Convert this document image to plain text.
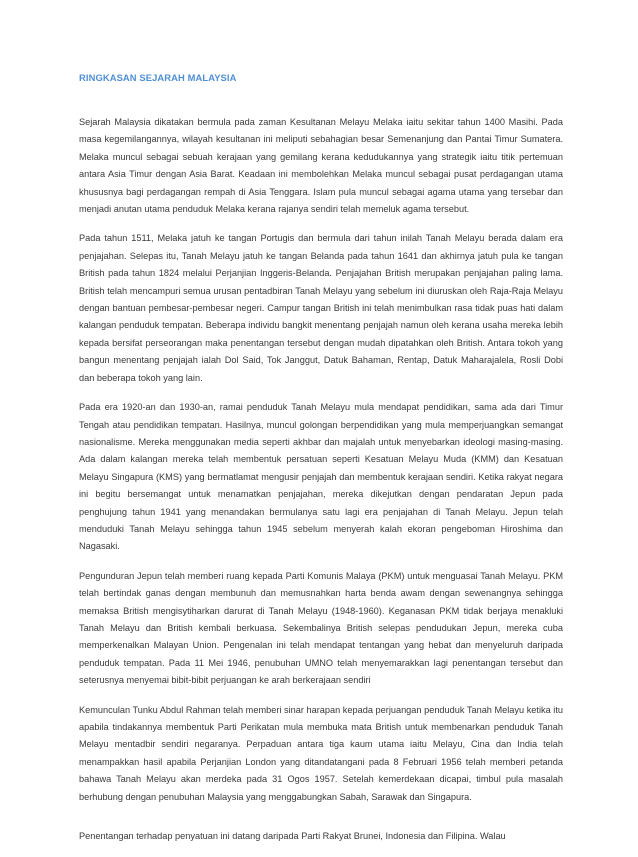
RINGKASAN SEJARAH MALAYSIA

Sejarah Malaysia dikatakan bermula pada zaman Kesultanan Melayu Melaka iaitu sekitar tahun 1400 Masihi. Pada masa kegemilangannya, wilayah kesultanan ini meliputi sebahagian besar Semenanjung dan Pantai Timur Sumatera. Melaka muncul sebagai sebuah kerajaan yang gemilang kerana kedudukannya yang strategik iaitu titik pertemuan antara Asia Timur dengan Asia Barat. Keadaan ini membolehkan Melaka muncul sebagai pusat perdagangan utama khususnya bagi perdagangan rempah di Asia Tenggara. Islam pula muncul sebagai agama utama yang tersebar dan menjadi anutan utama penduduk Melaka kerana rajanya sendiri telah memeluk agama tersebut.

Pada tahun 1511, Melaka jatuh ke tangan Portugis dan bermula dari tahun inilah Tanah Melayu berada dalam era penjajahan. Selepas itu, Tanah Melayu jatuh ke tangan Belanda pada tahun 1641 dan akhirnya jatuh pula ke tangan British pada tahun 1824 melalui Perjanjian Inggeris-Belanda. Penjajahan British merupakan penjajahan paling lama. British telah mencampuri semua urusan pentadbiran Tanah Melayu yang sebelum ini diuruskan oleh Raja-Raja Melayu dengan bantuan pembesar-pembesar negeri. Campur tangan British ini telah menimbulkan rasa tidak puas hati dalam kalangan penduduk tempatan. Beberapa individu bangkit menentang penjajah namun oleh kerana usaha mereka lebih kepada bersifat perseorangan maka penentangan tersebut dengan mudah dipatahkan oleh British. Antara tokoh yang bangun menentang penjajah ialah Dol Said, Tok Janggut, Datuk Bahaman, Rentap, Datuk Maharajalela, Rosli Dobi dan beberapa tokoh yang lain.

Pada era 1920-an dan 1930-an, ramai penduduk Tanah Melayu mula mendapat pendidikan, sama ada dari Timur Tengah atau pendidikan tempatan. Hasilnya, muncul golongan berpendidikan yang mula memperjuangkan semangat nasionalisme. Mereka menggunakan media seperti akhbar dan majalah untuk menyebarkan ideologi masing-masing. Ada dalam kalangan mereka telah membentuk persatuan seperti Kesatuan Melayu Muda (KMM) dan Kesatuan Melayu Singapura (KMS) yang bermatlamat mengusir penjajah dan membentuk kerajaan sendiri. Ketika rakyat negara ini begitu bersemangat untuk menamatkan penjajahan, mereka dikejutkan dengan pendaratan Jepun pada penghujung tahun 1941 yang menandakan bermulanya satu lagi era penjajahan di Tanah Melayu. Jepun telah menduduki Tanah Melayu sehingga tahun 1945 sebelum menyerah kalah ekoran pengeboman Hiroshima dan Nagasaki.

Pengunduran Jepun telah memberi ruang kepada Parti Komunis Malaya (PKM) untuk menguasai Tanah Melayu. PKM telah bertindak ganas dengan membunuh dan memusnahkan harta benda awam dengan sewenangnya sehingga memaksa British mengisytiharkan darurat di Tanah Melayu (1948-1960). Keganasan PKM tidak berjaya menakluki Tanah Melayu dan British kembali berkuasa. Sekembalinya British selepas pendudukan Jepun, mereka cuba memperkenalkan Malayan Union. Pengenalan ini telah mendapat tentangan yang hebat dan menyeluruh daripada penduduk tempatan. Pada 11 Mei 1946, penubuhan UMNO telah menyemarakkan lagi penentangan tersebut dan seterusnya menyemai bibit-bibit perjuangan ke arah berkerajaan sendiri

Kemunculan Tunku Abdul Rahman telah memberi sinar harapan kepada perjuangan penduduk Tanah Melayu ketika itu apabila tindakannya membentuk Parti Perikatan mula membuka mata British untuk membenarkan penduduk Tanah Melayu mentadbir sendiri negaranya. Perpaduan antara tiga kaum utama iaitu Melayu, Cina dan India telah menampakkan hasil apabila Perjanjian London yang ditandatangani pada 8 Februari 1956 telah memberi petanda bahawa Tanah Melayu akan merdeka pada 31 Ogos 1957. Setelah kemerdekaan dicapai, timbul pula masalah berhubung dengan penubuhan Malaysia yang menggabungkan Sabah, Sarawak dan Singapura.

Penentangan terhadap penyatuan ini datang daripada Parti Rakyat Brunei, Indonesia dan Filipina. Walau
